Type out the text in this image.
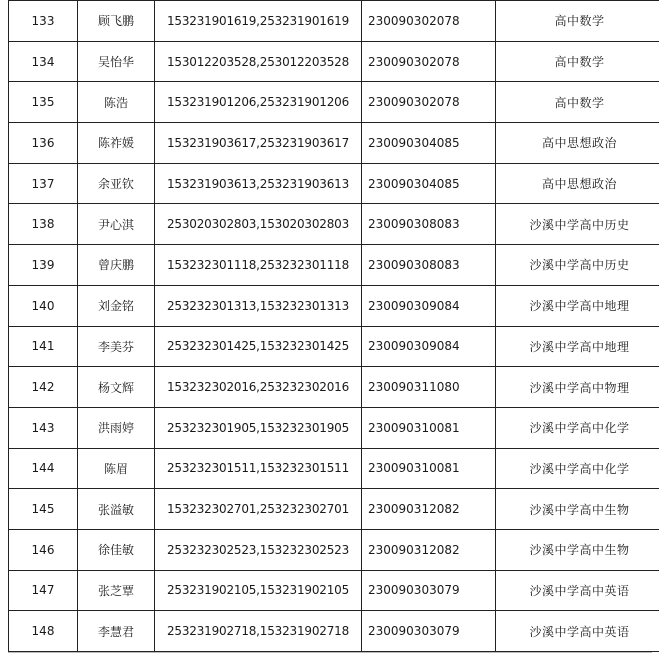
133	顾飞鹏	153231901619,253231901619	230090302078	高中数学
134	吴怡华	153012203528,253012203528	230090302078	高中数学
135	陈浩	153231901206,253231901206	230090302078	高中数学
136	陈祚媛	153231903617,253231903617	230090304085	高中思想政治
137	余亚钦	153231903613,253231903613	230090304085	高中思想政治
138	尹心淇	253020302803,153020302803	230090308083	沙溪中学高中历史
139	曾庆鹏	153232301118,253232301118	230090308083	沙溪中学高中历史
140	刘金铭	253232301313,153232301313	230090309084	沙溪中学高中地理
141	李美芬	253232301425,153232301425	230090309084	沙溪中学高中地理
142	杨文辉	153232302016,253232302016	230090311080	沙溪中学高中物理
143	洪雨婷	253232301905,153232301905	230090310081	沙溪中学高中化学
144	陈眉	253232301511,153232301511	230090310081	沙溪中学高中化学
145	张溢敏	153232302701,253232302701	230090312082	沙溪中学高中生物
146	徐佳敏	253232302523,153232302523	230090312082	沙溪中学高中生物
147	张芝覃	253231902105,153231902105	230090303079	沙溪中学高中英语
148	李慧君	253231902718,153231902718	230090303079	沙溪中学高中英语
